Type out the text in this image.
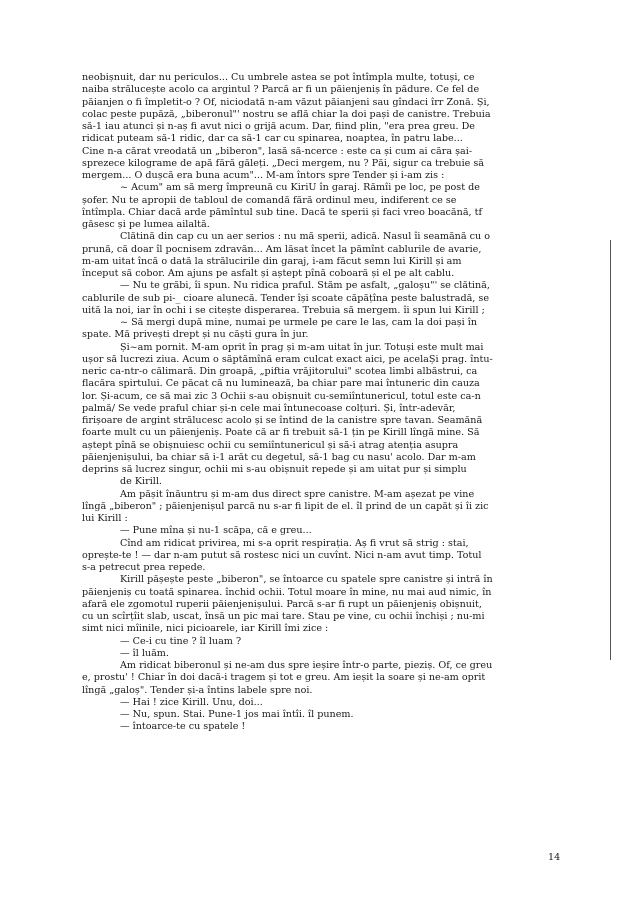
neobișnuit, dar nu periculos... Cu umbrele astea se pot întîmpla multe, totuși, ce
naiba strălucește acolo ca argintul ? Parcă ar fi un păienjeniș în pădure. Ce fel de
păianjen o fi împletit-o ? Of, niciodată n-am văzut păianjeni sau gîndaci îrr Zonă. Și,
colac peste pupăză, „biberonul"' nostru se află chiar la doi pași de canistre. Trebuia
să-1 iau atunci și n-aș fi avut nici o grijă acum. Dar, fiind plin, "era prea greu. De
ridicat puteam să-1 ridic, dar ca să-1 car cu spinarea, noaptea, în patru labe...
Cine n-a cărat vreodată un „biberon", lasă să-ncerce : este ca și cum ai căra șai-
sprezece kilograme de apă fără găleți. „Deci mergem, nu ? Păi, sigur ca trebuie să
mergem... O dușcă era buna acum"... M-am întors spre Tender și i-am zis :
~ Acum" am să merg împreună cu KiriU în garaj. Rămîi pe loc, pe post de
șofer. Nu te apropii de tabloul de comandă fără ordinul meu, indiferent ce se
întîmpla. Chiar dacă arde pămîntul sub tine. Dacă te sperii și faci vreo boacănă, tf
găsesc și pe lumea ailaltă.
Clătină din cap cu un aer serios : nu mă sperii, adică. Nasul îi seamănă cu o
prună, că doar îl pocnisem zdravăn... Am lăsat încet la pămînt cablurile de avarie,
m-am uitat încă o dată la strălucirile din garaj, i-am făcut semn lui Kirill și am
început să cobor. Am ajuns pe asfalt și aștept pînă coboară și el pe alt cablu.
— Nu te grăbi, îi spun. Nu ridica praful. Stăm pe asfalt, „galoșu"' se clătină,
cablurile de sub pi-_ cioare alunecă. Tender își scoate căpățîna peste balustradă, se
uită la noi, iar în ochi i se citește disperarea. Trebuia să mergem. îi spun lui Kirill ;
~ Să mergi după mine, numai pe urmele pe care le las, cam la doi pași în
spate. Mă privești drept și nu căști gura în jur.
Și~am pornit. M-am oprit în prag și m-am uitat în jur. Totuși este mult mai
ușor să lucrezi ziua. Acum o săptămînă eram culcat exact aici, pe acelaȘi prag. întu-
neric ca-ntr-o călimară. Din groapă, „piftia vrăjitorului" scotea limbi albăstrui, ca
flacăra spirtului. Ce păcat că nu luminează, ba chiar pare mai întuneric din cauza
lor. Și-acum, ce să mai zic 3 Ochii s-au obișnuit cu-semiîntunericul, totul este ca-n
palmă/ Se vede praful chiar și-n cele mai întunecoase colțuri. Și, într-adevăr,
firișoare de argint strălucesc acolo și se întind de la canistre spre tavan. Seamănă
foarte mult cu un păienjeniș. Poate că ar fi trebuit să-1 țin pe Kirill lîngă mine. Să
aștept pînă se obișnuiesc ochii cu semiîntunericul și să-i atrag atenția asupra
păienjenișului, ba chiar să i-1 arăt cu degetul, să-1 bag cu nasu' acolo. Dar m-am
deprins să lucrez singur, ochii mi s-au obișnuit repede și am uitat pur și simplu
de Kirill.
Am pășit înăuntru și m-am dus direct spre canistre. M-am așezat pe vine
lîngă „biberon" ; păienjenișul parcă nu s-ar fi lipit de el. îl prind de un capăt și îi zic
lui Kirill :
— Pune mîna și nu-1 scăpa, că e greu...
Cînd am ridicat privirea, mi s-a oprit respirația. Aș fi vrut să strig : stai,
oprește-te ! — dar n-am putut să rostesc nici un cuvînt. Nici n-am avut timp. Totul
s-a petrecut prea repede.
Kirill pășește peste „biberon", se întoarce cu spatele spre canistre și intră în
păienjeniș cu toată spinarea. închid ochii. Totul moare în mine, nu mai aud nimic, în
afară ele zgomotul ruperii păienjenișului. Parcă s-ar fi rupt un păienjeniș obișnuit,
cu un scîrțîit slab, uscat, însă un pic mai tare. Stau pe vine, cu ochii închiși ; nu-mi
simt nici mîinile, nici picioarele, iar Kirill îmi zice :
— Ce-i cu tine ? îl luam ?
— îl luăm.
Am ridicat biberonul și ne-am dus spre ieșire într-o parte, pieziș. Of, ce greu
e, prostu' ! Chiar în doi dacă-i tragem și tot e greu. Am ieșit la soare și ne-am oprit
lîngă „galoș". Tender și-a întins labele spre noi.
— Hai ! zice Kirill. Unu, doi...
— Nu, spun. Stai. Pune-1 jos mai întîi. îl punem.
— întoarce-te cu spatele !
14
